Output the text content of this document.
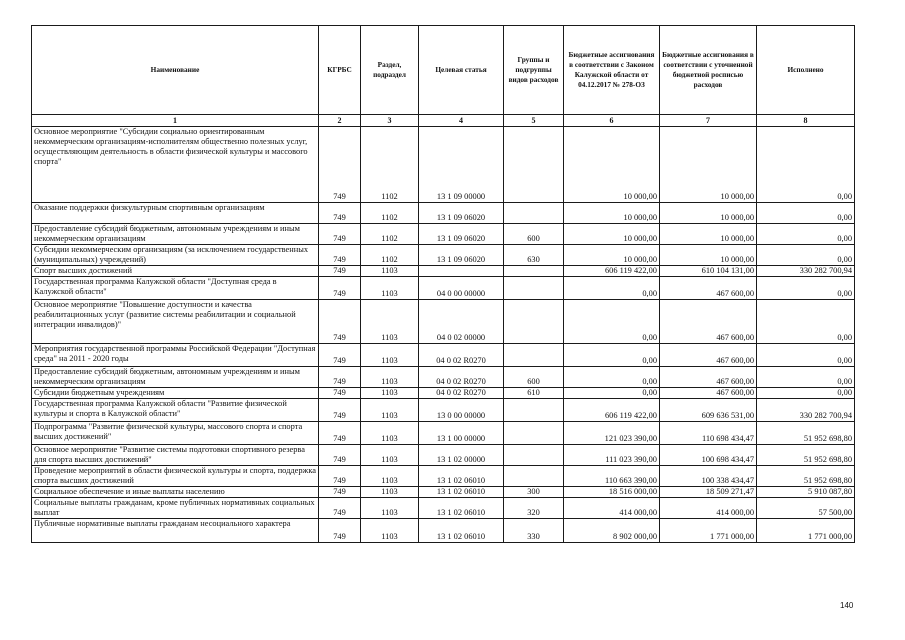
Наименование	КГРБС	Раздел, подраздел	Целевая статья	Группы и подгруппы видов расходов	Бюджетные ассигнования в соответствии с Законом Калужской области от 04.12.2017 № 278-ОЗ	Бюджетные ассигнования в соответствии с уточненной бюджетной росписью расходов	Исполнено
1	2	3	4	5	6	7	8
Основное мероприятие "Субсидии социально ориентированным некоммерческим организациям-исполнителям общественно полезных услуг, осуществляющим деятельность в области физической культуры и массового спорта"	749	1102	13 1 09 00000		10 000,00	10 000,00	0,00
Оказание поддержки физкультурным спортивным организациям	749	1102	13 1 09 06020		10 000,00	10 000,00	0,00
Предоставление субсидий бюджетным, автономным учреждениям и иным некоммерческим организациям	749	1102	13 1 09 06020	600	10 000,00	10 000,00	0,00
Субсидии некоммерческим организациям (за исключением государственных (муниципальных) учреждений)	749	1102	13 1 09 06020	630	10 000,00	10 000,00	0,00
Спорт высших достижений	749	1103			606 119 422,00	610 104 131,00	330 282 700,94
Государственная программа Калужской области "Доступная среда в Калужской области"	749	1103	04 0 00 00000		0,00	467 600,00	0,00
Основное мероприятие "Повышение доступности и качества реабилитационных услуг (развитие системы реабилитации и социальной интеграции инвалидов)"	749	1103	04 0 02 00000		0,00	467 600,00	0,00
Мероприятия государственной программы Российской Федерации "Доступная среда" на 2011 - 2020 годы	749	1103	04 0 02 R0270		0,00	467 600,00	0,00
Предоставление субсидий бюджетным, автономным учреждениям и иным некоммерческим организациям	749	1103	04 0 02 R0270	600	0,00	467 600,00	0,00
Субсидии бюджетным учреждениям	749	1103	04 0 02 R0270	610	0,00	467 600,00	0,00
Государственная программа Калужской области "Развитие физической культуры и спорта в Калужской области"	749	1103	13 0 00 00000		606 119 422,00	609 636 531,00	330 282 700,94
Подпрограмма "Развитие физической культуры, массового спорта и спорта высших достижений"	749	1103	13 1 00 00000		121 023 390,00	110 698 434,47	51 952 698,80
Основное мероприятие "Развитие системы подготовки спортивного резерва для спорта высших достижений"	749	1103	13 1 02 00000		111 023 390,00	100 698 434,47	51 952 698,80
Проведение мероприятий в области физической культуры и спорта, поддержка спорта высших достижений	749	1103	13 1 02 06010		110 663 390,00	100 338 434,47	51 952 698,80
Социальное обеспечение и иные выплаты населению	749	1103	13 1 02 06010	300	18 516 000,00	18 509 271,47	5 910 087,80
Социальные выплаты гражданам, кроме публичных нормативных социальных выплат	749	1103	13 1 02 06010	320	414 000,00	414 000,00	57 500,00
Публичные нормативные выплаты гражданам несоциального характера	749	1103	13 1 02 06010	330	8 902 000,00	1 771 000,00	1 771 000,00
140
